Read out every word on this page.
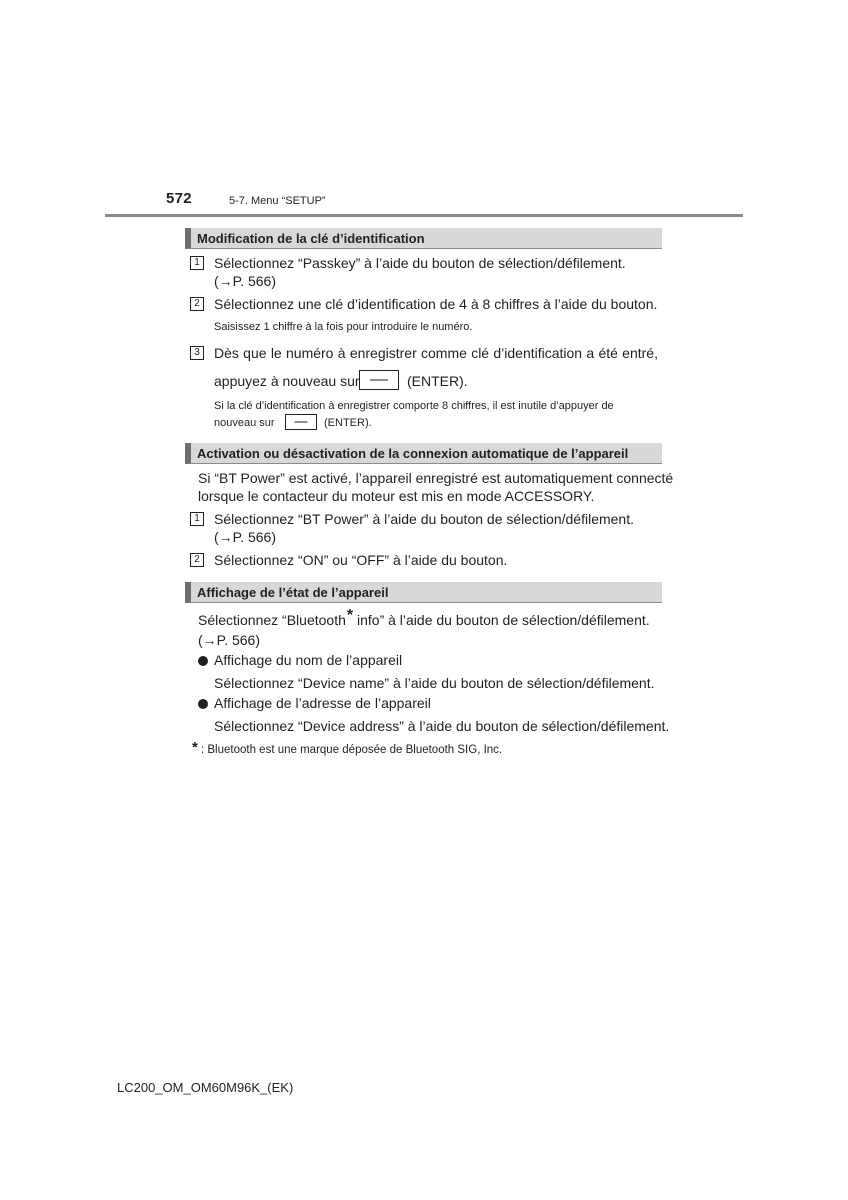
572	5-7. Menu “SETUP”
Modification de la clé d’identification
1	Sélectionnez “Passkey” à l’aide du bouton de sélection/défilement.
(→P. 566)
2	Sélectionnez une clé d’identification de 4 à 8 chiffres à l’aide du bouton.
Saisissez 1 chiffre à la fois pour introduire le numéro.
3	Dès que le numéro à enregistrer comme clé d’identification a été entré,
appuyez à nouveau sur	(ENTER).
Si la clé d’identification à enregistrer comporte 8 chiffres, il est inutile d’appuyer de
nouveau sur	(ENTER).
Activation ou désactivation de la connexion automatique de l’appareil
Si “BT Power” est activé, l’appareil enregistré est automatiquement connecté
lorsque le contacteur du moteur est mis en mode ACCESSORY.
1	Sélectionnez “BT Power” à l’aide du bouton de sélection/défilement.
(→P. 566)
2	Sélectionnez “ON” ou “OFF” à l’aide du bouton.
Affichage de l’état de l’appareil
Sélectionnez “Bluetooth* info” à l’aide du bouton de sélection/défilement.
(→P. 566)
Affichage du nom de l’appareil
Sélectionnez “Device name” à l’aide du bouton de sélection/défilement.
Affichage de l’adresse de l’appareil
Sélectionnez “Device address” à l’aide du bouton de sélection/défilement.
* : Bluetooth est une marque déposée de Bluetooth SIG, Inc.
LC200_OM_OM60M96K_(EK)
